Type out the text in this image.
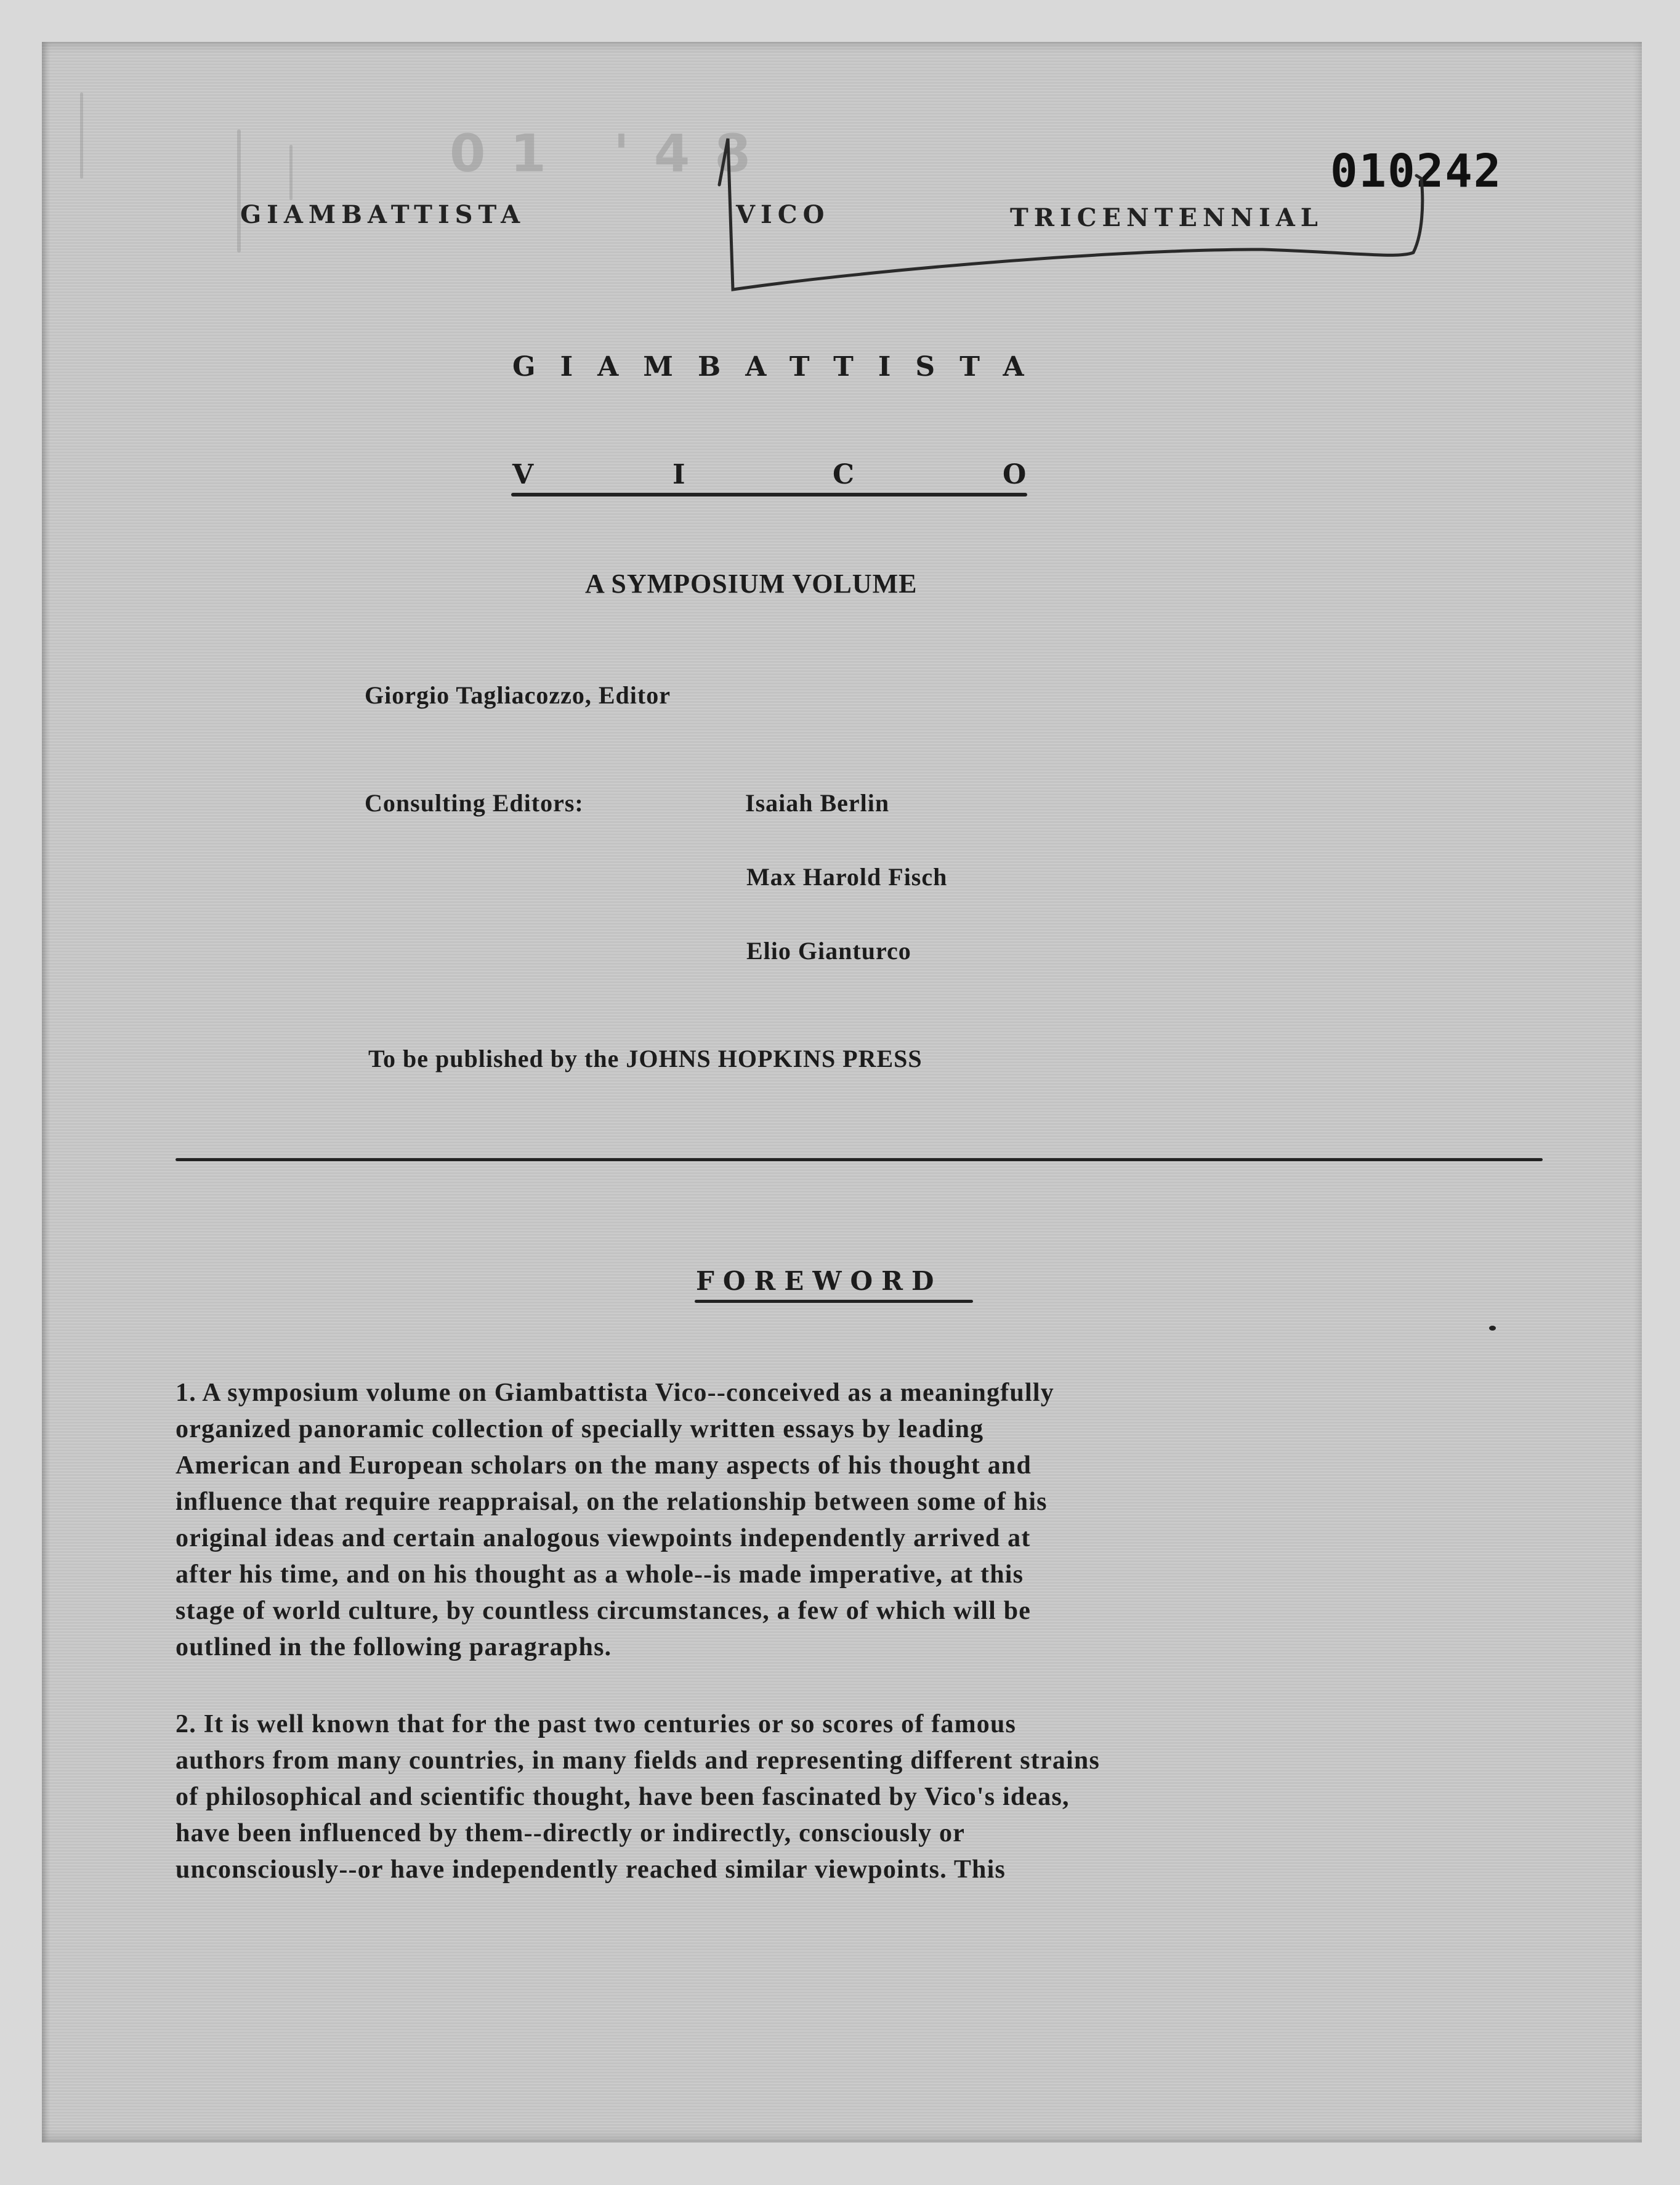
01 '48
GIAMBATTISTA	VICO	TRICENTENNIAL
010242
GIAMBATTISTA
V	I	C	O
A SYMPOSIUM VOLUME
Giorgio Tagliacozzo, Editor
Consulting Editors:	Isaiah Berlin
Max Harold Fisch
Elio Gianturco
To be published by the JOHNS HOPKINS PRESS
FOREWORD
1. A symposium volume on Giambattista Vico--conceived as a meaningfully
organized panoramic collection of specially written essays by leading
American and European scholars on the many aspects of his thought and
influence that require reappraisal, on the relationship between some of his
original ideas and certain analogous viewpoints independently arrived at
after his time, and on his thought as a whole--is made imperative, at this
stage of world culture, by countless circumstances, a few of which will be
outlined in the following paragraphs.
2. It is well known that for the past two centuries or so scores of famous
authors from many countries, in many fields and representing different strains
of philosophical and scientific thought, have been fascinated by Vico's ideas,
have been influenced by them--directly or indirectly, consciously or
unconsciously--or have independently reached similar viewpoints. This
